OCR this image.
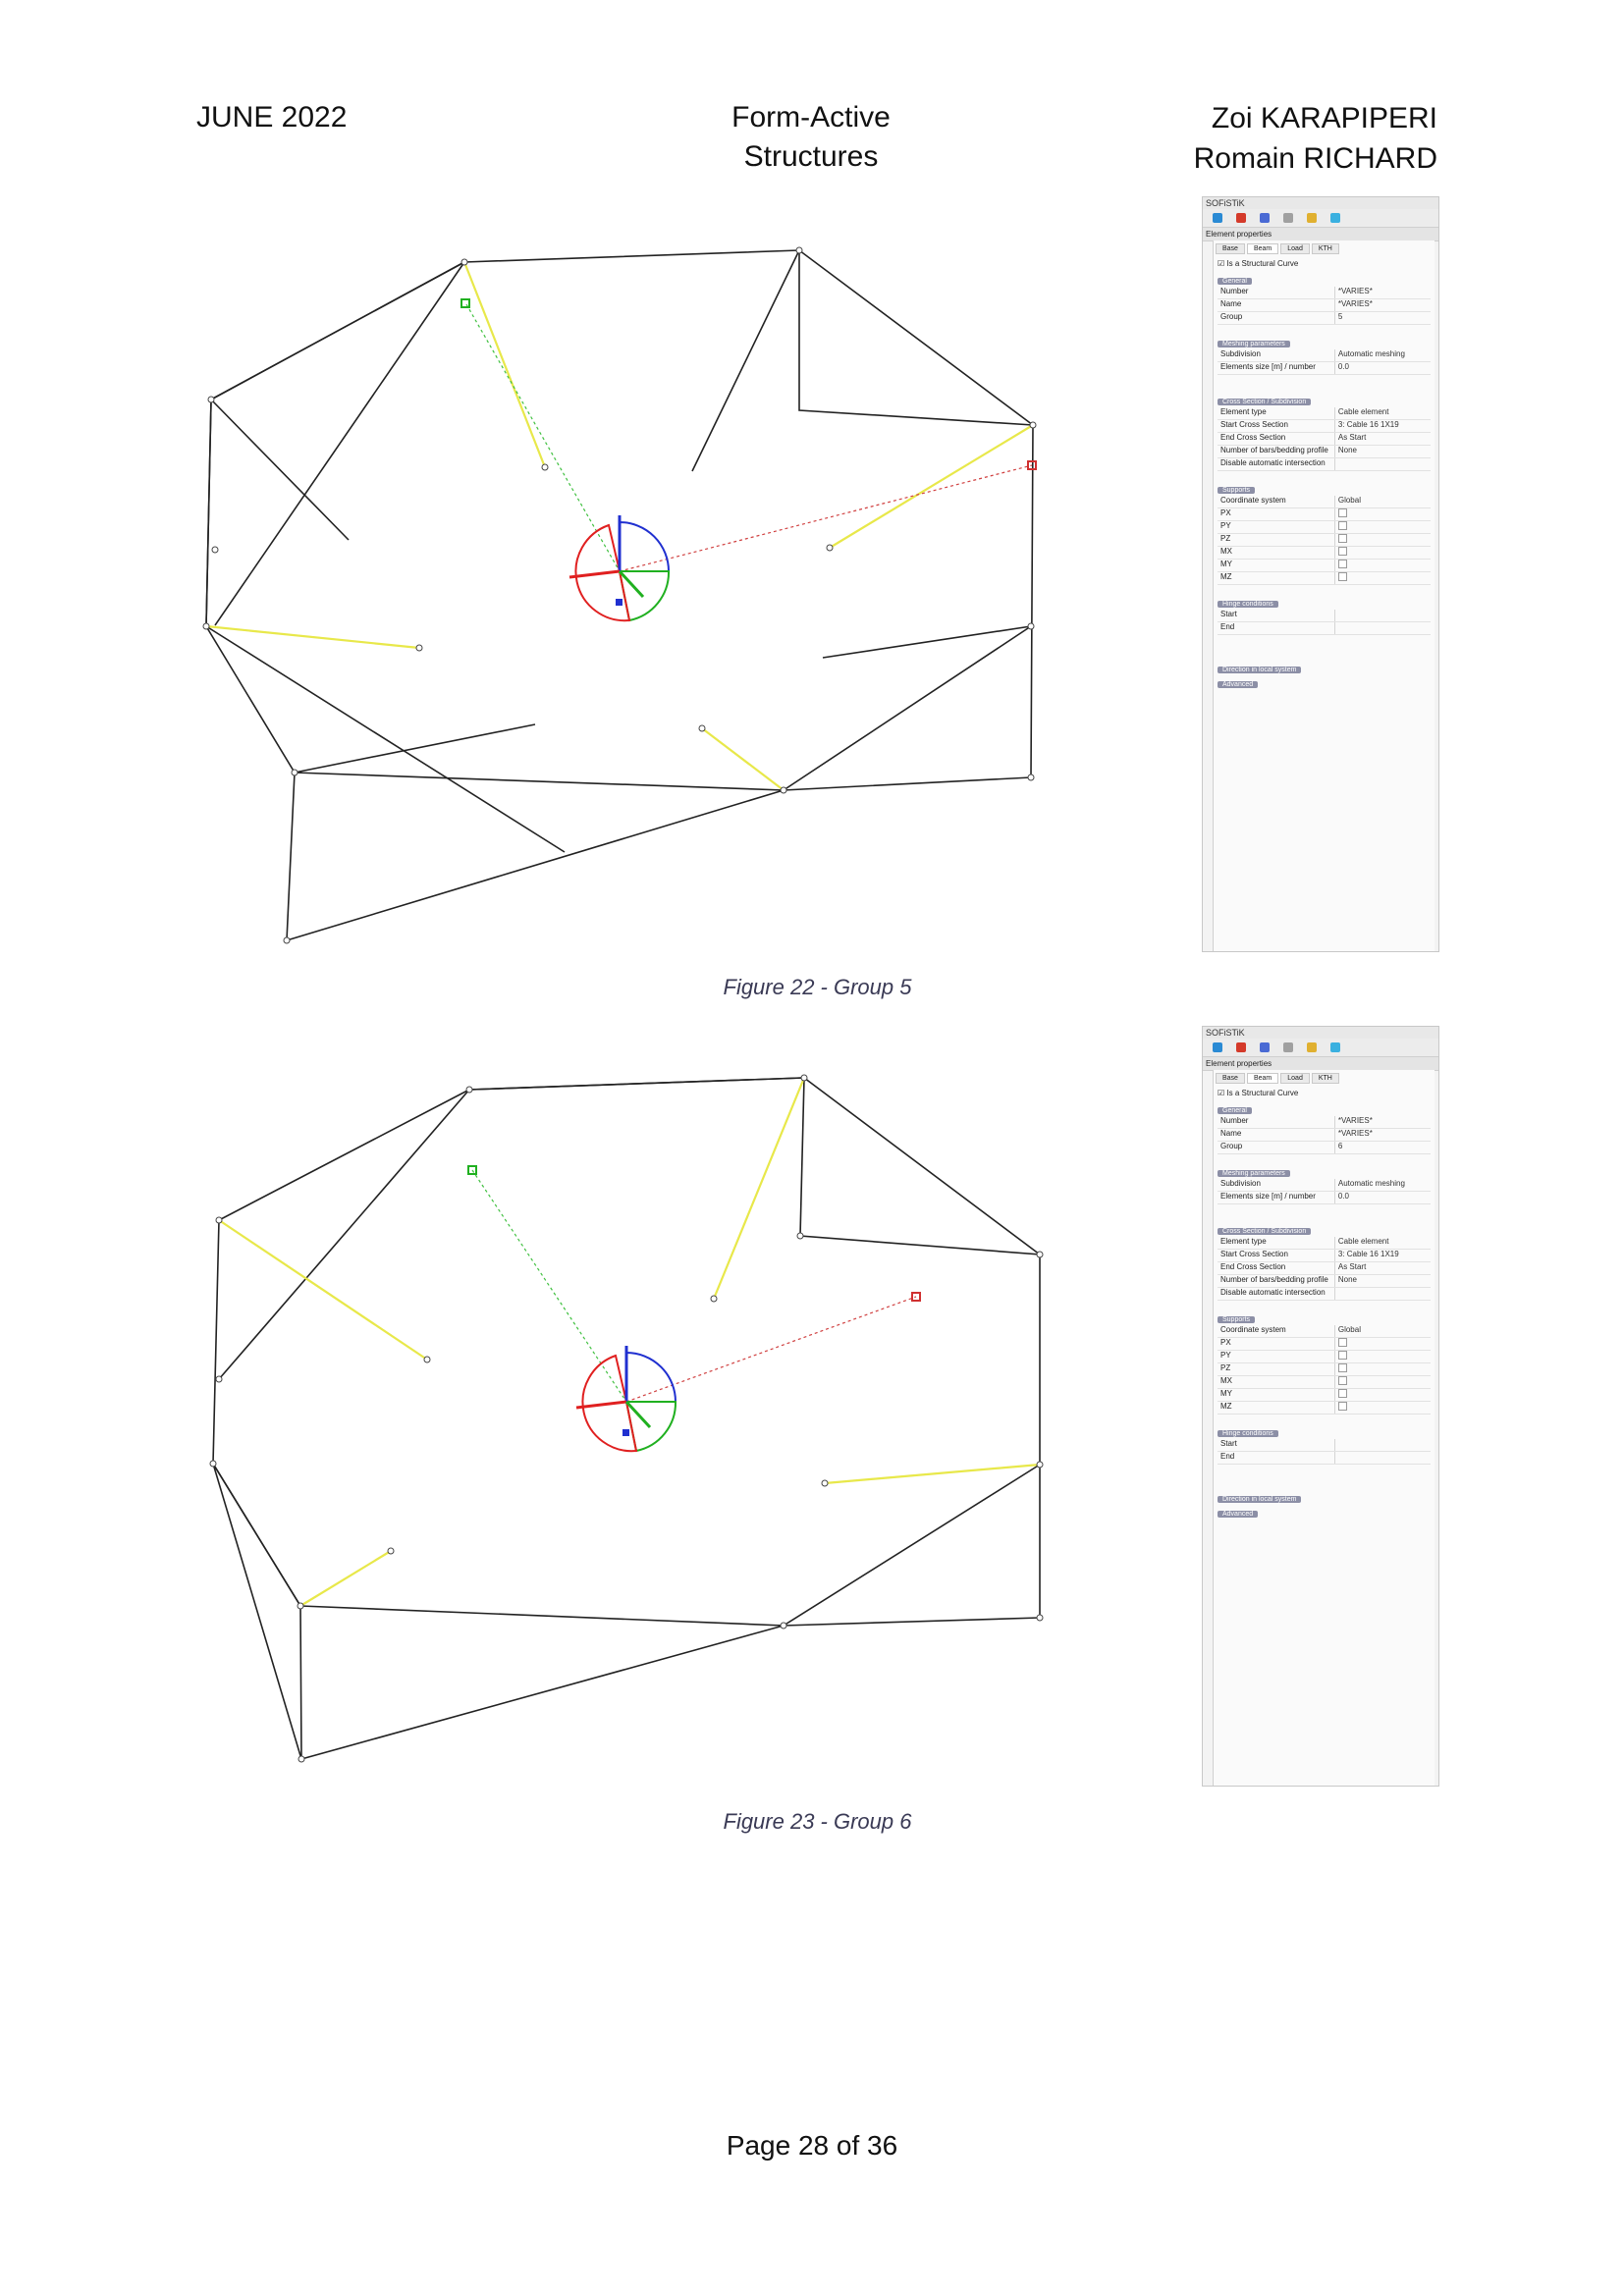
JUNE 2022	Form-Active Structures
Zoi KARAPIPERI
Romain RICHARD
SOFiSTiK
Element properties
Base	Beam	Load	KTH
☑ Is a Structural Curve
General
Number	*VARIES*
Name	*VARIES*
Group	5
Meshing parameters
Subdivision	Automatic meshing
Elements size [m] / number	0.0
Cross Section / Subdivision
Element type	Cable element
Start Cross Section	3: Cable 16 1X19
End Cross Section	As Start
Number of bars/bedding profile	None
Disable automatic intersection	
Supports
Coordinate system	Global
PX	
PY	
PZ	
MX	
MY	
MZ	
Hinge conditions
Start	
End	
Direction in local system
Advanced
Figure 22 - Group 5
SOFiSTiK
Element properties
Base	Beam	Load	KTH
☑ Is a Structural Curve
General
Number	*VARIES*
Name	*VARIES*
Group	6
Meshing parameters
Subdivision	Automatic meshing
Elements size [m] / number	0.0
Cross Section / Subdivision
Element type	Cable element
Start Cross Section	3: Cable 16 1X19
End Cross Section	As Start
Number of bars/bedding profile	None
Disable automatic intersection	
Supports
Coordinate system	Global
PX	
PY	
PZ	
MX	
MY	
MZ	
Hinge conditions
Start	
End	
Direction in local system
Advanced
Figure 23 - Group 6
Page 28 of 36
